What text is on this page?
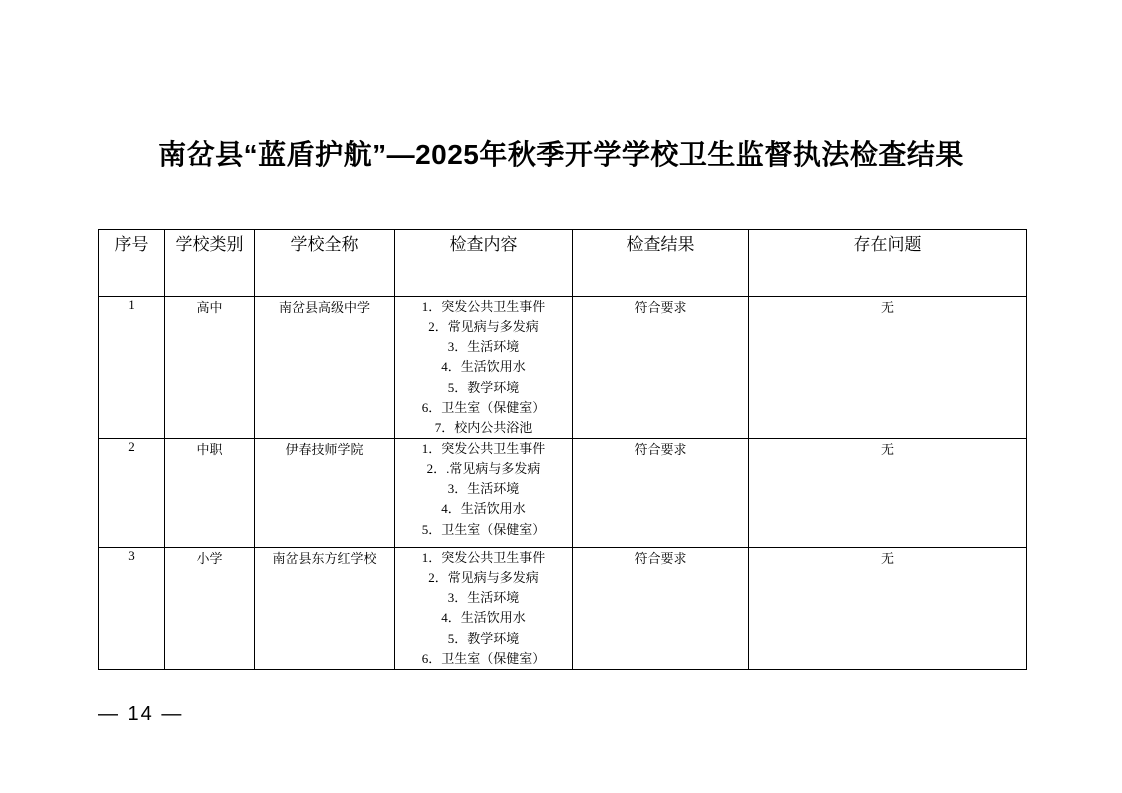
南岔县“蓝盾护航”—2025年秋季开学学校卫生监督执法检查结果
序号	学校类别	学校全称	检查内容	检查结果	存在问题
1	高中	南岔县高级中学	1．突发公共卫生事件
2．常见病与多发病
3．生活环境
4．生活饮用水
5．教学环境
6．卫生室（保健室）
7．校内公共浴池
	符合要求	无
2	中职	伊春技师学院	1．突发公共卫生事件
2．.常见病与多发病
3．生活环境
4．生活饮用水
5．卫生室（保健室）
	符合要求	无
3	小学	南岔县东方红学校	1．突发公共卫生事件
2．常见病与多发病
3．生活环境
4．生活饮用水
5．教学环境
6．卫生室（保健室）
	符合要求	无
— 14 —
